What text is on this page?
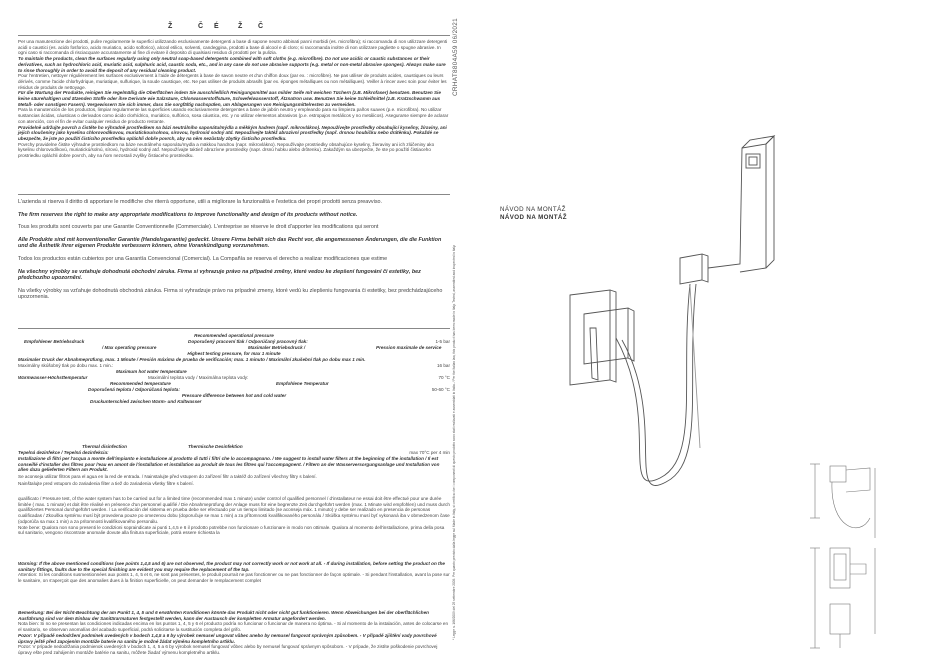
Ž	Č É	Ž Č

Per una manutenzione dei prodotti, pulire regolarmente le superfici utilizzando esclusivamente detergenti a base di sapone neutro abbinati panni morbidi (es. microfibra); si raccomanda di non utilizzare detergenti acidi o caustici (es. acido fosforico, acido muriatico, acido solforico), alcool etilico, solventi, candeggina, prodotti a base di alcool e di cloro; si raccomanda inoltre di non utilizzare pagliette o spugne abrasive. In ogni caso si raccomanda di risciacquare accuratamente al fine di evitare il deposito di qualsiasi residuo di prodotti per la pulizia.

To maintain the products, clean the surfaces regularly using only neutral soap-based detergents combined with soft cloths (e.g. microfibre). Do not use acidic or caustic substances or their derivatives, such as hydrochloric acid, muriatic acid, sulphuric acid, caustic soda, etc., and in any case do not use abrasive supports (e.g. metal or non-metal abrasive sponges). Always make sure to rinse thoroughly in order to avoid the deposit of any residual cleaning product.

Pour l'entretien, nettoyer régulièrement les surfaces exclusivement à l'aide de détergents à base de savon neutre et d'un chiffon doux (par ex. : microfibre). Ne pas utiliser de produits acides, caustiques ou leurs dérivés, comme l'acide chlorhydrique, muriatique, sulfurique, la soude caustique, etc. Ne pas utiliser de produits abrasifs (par ex. éponges métalliques ou non métalliques). Veiller à rincer avec soin pour éviter les résidus de produits de nettoyage.

Für die Wartung der Produkte, reinigen Sie regelmäßig die Oberflächen indem Sie ausschließlich Reinigungsmittel aus milder Seife mit weichen Tüchern (z.B. Mikrofaser) benutzen. Benutzen Sie keine säurehaltigen und ätzenden Stoffe oder ihre Derivate wie Salzsäure, Chlorwasserstoffsäure, Schwefelwasserstoff, Ätznatron usw. Benutzen Sie keine Schleifmittel (z.B. Kratzschwamm aus Metall- oder sonstigen Fasern). Vergewissern Sie sich immer, dass Sie sorgfältig nachspülen, um Ablagerungen von Reinigungsmittelresten zu vermeiden.

Para la manutención de los productos, limpiar regularmente las superficies usando exclusivamente detergentes a base de jabón neutro y empleando para su limpieza paños suaves (p.e. microfibra). No utilizar sustancias ácidas, cáusticas o derivados como ácido clorhídrico, muriático, sulfúrico, sosa cáustica, etc. y no utilizar elementos abrasivos (p.e. estropajos metálicos y no metálicos). Asegurarse siempre de aclarar con atención, con el fin de evitar cualquier residuo de producto restante.

Pravidelně udržujte povrch a čistěte ho výhradně prostředkem na bázi neutrálního saponátu/mýdla a měkkým hadrem (např. mikrovlákno). Nepoužívejte prostředky obsahující kyseliny, žíraviny, ani jejich sloučeniny jako kyselinu chlorovodíkovou, muriatickou/solnou, sírovou, hydroxid sodný atd. Nepoužívejte taktéž abrazivní prostředky (např. drsnou houbičku nebo drátěnku). Pokaždé se ubezpečte, že jste po použití čisticího prostředku opláchli dobře povrch, aby na něm nezůstaly zbytky čisticího prostředku.

Povrchy pravidelne čistite výhradne prostriedkom na báze neutrálneho saponátu/mydla a mäkkou handrou (napr. mikrovlákno). Nepoužívajte prostriedky obsahujúce kyseliny, žieraviny ani ich zlúčeniny ako kyselinu chlorovodíkovú, muriatickú/solnú, sírovú, hydroxid sodný atď. Nepoužívajte taktiež abrazívne prostriedky (napr. drsnú hubku alebo drôtenku). Zakaždým sa ubezpečte, že ste po použití čistiaceho prostriedku opláchli dobre povrch, aby na ňom nezostali zvyšky čistiaceho prostriedku.

L'azienda si riserva il diritto di apportare le modifiche che riterrà opportune, utili a migliorare la funzionalità e l'estetica dei propri prodotti senza preavviso.

The firm reserves the right to make any appropriate modifications to improve functionality and design of its products without notice.

Tous les produits sont couverts par une Garantie Conventionnelle (Commerciale). L'entreprise se réserve le droit d'apporter les modifications qui seront

Alle Produkte sind mit konventioneller Garantie (Handelsgarantie) gedeckt. Unsere Firma behält sich das Recht vor, die angemessenen Änderungen, die die Funktion und die Ästhetik ihrer eigenen Produkte verbessern können, ohne Vorankündigung vorzunehmen.

Todos los productos están cubiertos por una Garantía Convencional (Comercial). La Compañía se reserva el derecho a realizar modificaciones que estime

Na všechny výrobky se vztahuje dohodnutá obchodní záruka. Firma si vyhrazuje právo na případné změny, které vedou ke zlepšení fungování či estetiky, bez předchozího upozornění.

Na všetky výrobky sa vzťahuje dohodnutá obchodná záruka. Firma si vyhradzuje právo na prípadné zmeny, ktoré vedú ku zlepšeniu fungovania či estetiky, bez predchádzajúceho upozornenia.

Recommended operational pressure
Empfohlener Betriebsdruck	Doporučený pracovní tlak / Odporúčaný pracovný tlak:	1-5 bar
/ Max operating pressure	Maximaler Betriebsdruck /	Pression maximale de service
Highest testing pressure, for max 1 minute
Maximaler Druck der Abnahmeprüfung, max. 1 Minute / Presión máxima de prueba de verificación; max. 1 minuto / Maximální zkušební tlak po dobu max 1 min.
Maximálny skúšobný tlak po dobu max. 1 min.:	16 bar
Maximum hot water temperature
Warmwasser-Höchsttemperatur	Maximální teplota vody / Maximálna teplota vody:	70 °C
Recommended temperature	Empfohlene Temperatur
Doporučená teplota / Odporúčaná teplota:	50-60 °C
Pressure difference between hot and cold water
Druckunterschied zwischen Warm- und Kaltwasser
Thermal disinfection	Thermische Desinfektion
Tepelná dezinfekce / Tepelná dezinfekcia:	max 70°C per 4 min

Installazione di filtri per l'acqua a monte dell'impianto e installazione al prodotto di tutti i filtri che lo accompagnano. / We suggest to install water filters at the beginning of the installation / Il est conseillé d'installer des filtres pour l'eau en amont de l'installation et installation au produit de tous les filtres qui l'accompagnent. / Filtern an der Wasserversorgungsanlage und Installation von allen dazu gelieferten Filtern am Produkt.

Se aconseja utilizar filtros para el agua en la red de entrada. / Nainstalujte před vstupem do zařízení filtr a taktéž do zařízení všechny filtry s balení.

Nainštalujte pred vstupom do zariadenia filter a tiež do zariadenia všetky filtre s balení.

qualificato / Pressure test, of the water system has to be carried out for a limited time (recommended max 1 minute) under control of qualified personnel / d'installateur ne essai doit être effectué pour une durée limitée ( max. 1 minute) et doit être réalisé en présence d'un personnel qualifié / Die Abnahmeprüfung der Anlage muss für eine begrenzte Zeit durchgeführt werden (max. 1 Minute wird empfohlen) und muss durch qualifiziertes Personal durchgeführt werden. / La verificación del sistema en prueba debe ser efectuado por un tiempo limitado (se aconseja máx. 1 minuto) y debe ser realizado en presencia de personas cualificadas / Zkouška systému musí být provedena pouze po omezenou dobu (doporučuje se max 1 min) a za přítomnosti kvalifikovaného personálu / Skúška systému musí byť vykonaná iba v obmedzenom čase (odporúča sa max 1 min) a za prítomnosti kvalifikovaného personálu.

Note bene: Qualora non sono presenti le condizioni sopraindicate ai punti 1,4,5 e 6 il prodotto potrebbe non funzionare o funzionare in modo non ottimale. Qualora al momento dell'installazione, prima della posa sul sanitario, vengono riscontrate anomalie dovute alla finitura superficiale, potrà essere richiesta la

Warning: If the above mentioned conditions (see points 1,4,5 and 6) are not observed, the product may not correctly work or not work at all. - If during installation, before setting the product on the sanitary fittings, faults due to the special finishing are evident you may require the replacement of the tap.

Attention: Si les conditions susmentionnées aux points 1, 4, 5 et 6, ne sont pas présentes, le produit pourrait ne pas fonctionner ou ne pas fonctionner de façon optimale. - Si pendant l'installation, avant la pose sur le sanitaire, on s'aperçoit que des anomalies dues à la finition superficielle, on peut demander le remplacement complet

Bemerkung: Bei der Nicht-Beachtung der am Punkt 1, 4, 5 und 6 erwähnten Konditionen könnte das Produkt nicht oder nicht gut funktionieren. Wenn Abweichungen bei der oberflächlichen Ausführung sind vor dem Einbau der Sanitärarmaturen festgestellt werden, kann der Austausch der kompletten Armatur angefordert werden.

Nota bien: Si no se presentan las condiciones indicadas encima en los puntos 1, 4, 5 y 6 el producto podría no funcionar o funcionar de manera no óptima. - Si al momento de la instalación, antes de colocarse en el sanitario, se observan anomalías del acabado superficial, podrá solicitarse la sustitución completa del grifo.

Pozor: V případě nedodržení podmínek uvedených v bodech 1,4,5 a 6 by výrobek nemusel ungovat vůbec anebo by nemusel fungovat správným způsobem. - V případě zjištění vady povrchové úpravy ještě před zapojením montáže baterie na sanitu je možné žádat výměnu kompletního artiklu.

Pozor: V prípade nedodržania podmienok uvedených v bodoch 1, 4, 5 a 6 by výrobok nemusel fungovať vôbec alebo by nemusel fungovať správnym spôsobom. - V prípade, že zistíte poškodenie povrchovej úpravy ešte pred zahájením montáže batérie na sanitu, môžete žiadať výmenu kompletného artiklu.

CRHAT8804A59 06/2021
* Legge n. 166/2009 del 25 settembre 2009. Per quanto previsto dalla legge sul Made in Italy, si certifica che i componenti di questo prodotto sono stati realizzati e assemblati in Italia. / Per the Italian law, this product has been made in Italy. Tested, assembled and inspected in Italy.
NÁVOD NA MONTÁŽ
NÁVOD NA MONTÁŽ
